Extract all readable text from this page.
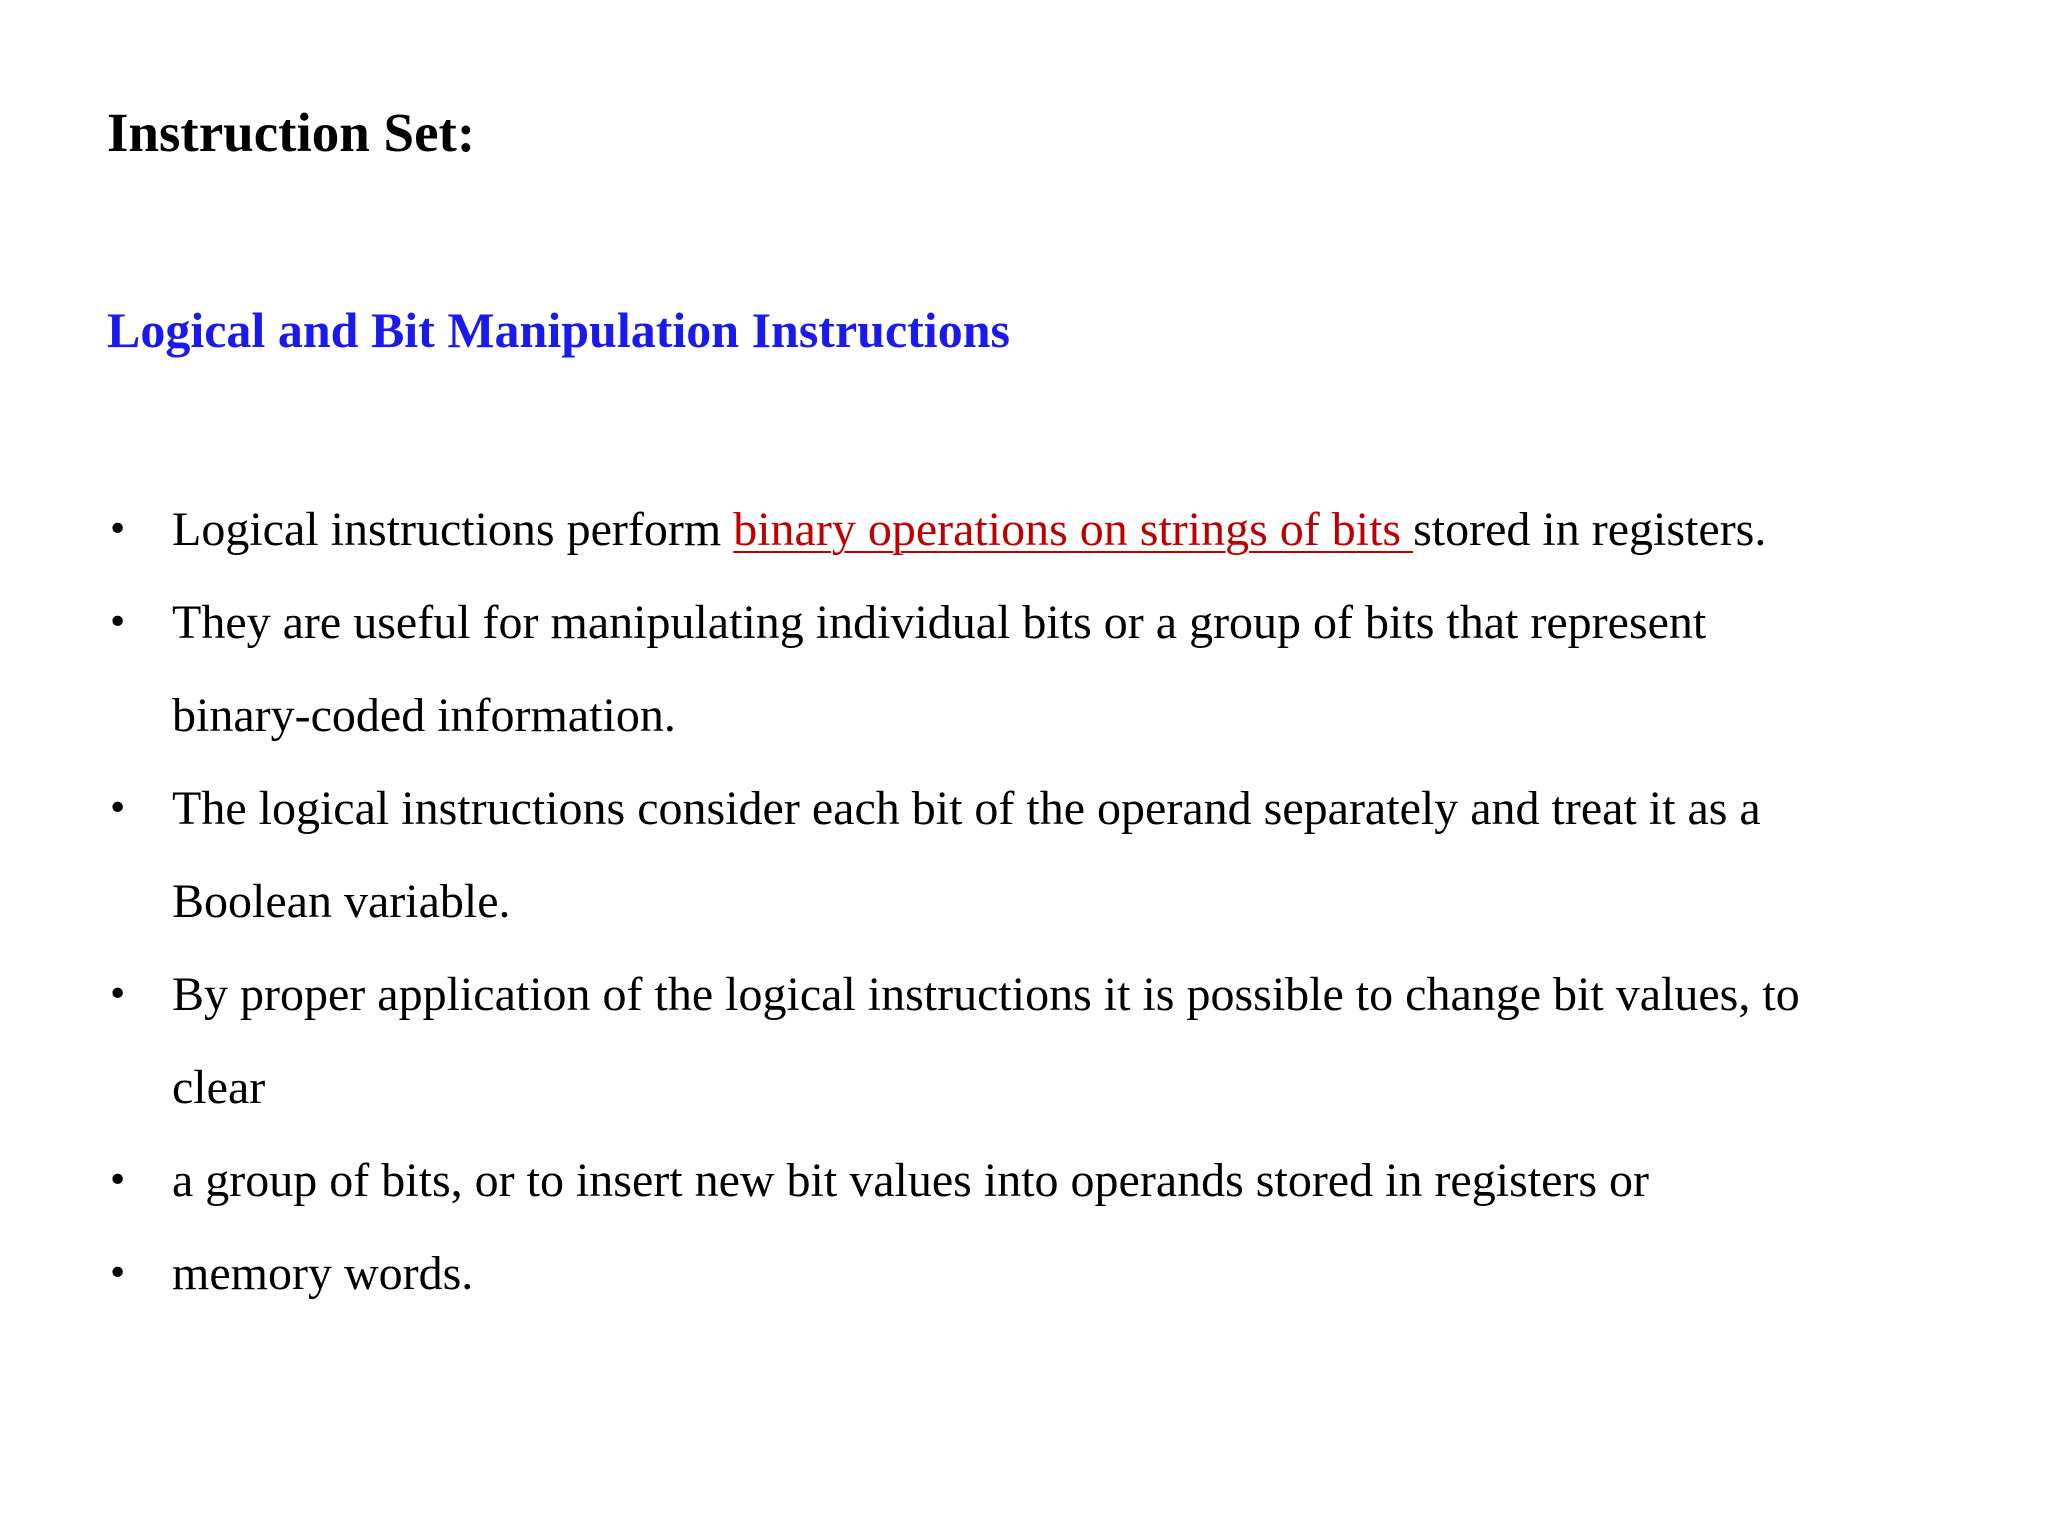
Instruction Set:
Logical and Bit Manipulation Instructions
• Logical instructions perform binary operations on strings of bits stored in registers.
• They are useful for manipulating individual bits or a group of bits that represent
binary-coded information.
• The logical instructions consider each bit of the operand separately and treat it as a
Boolean variable.
• By proper application of the logical instructions it is possible to change bit values, to
clear
• a group of bits, or to insert new bit values into operands stored in registers or
• memory words.
